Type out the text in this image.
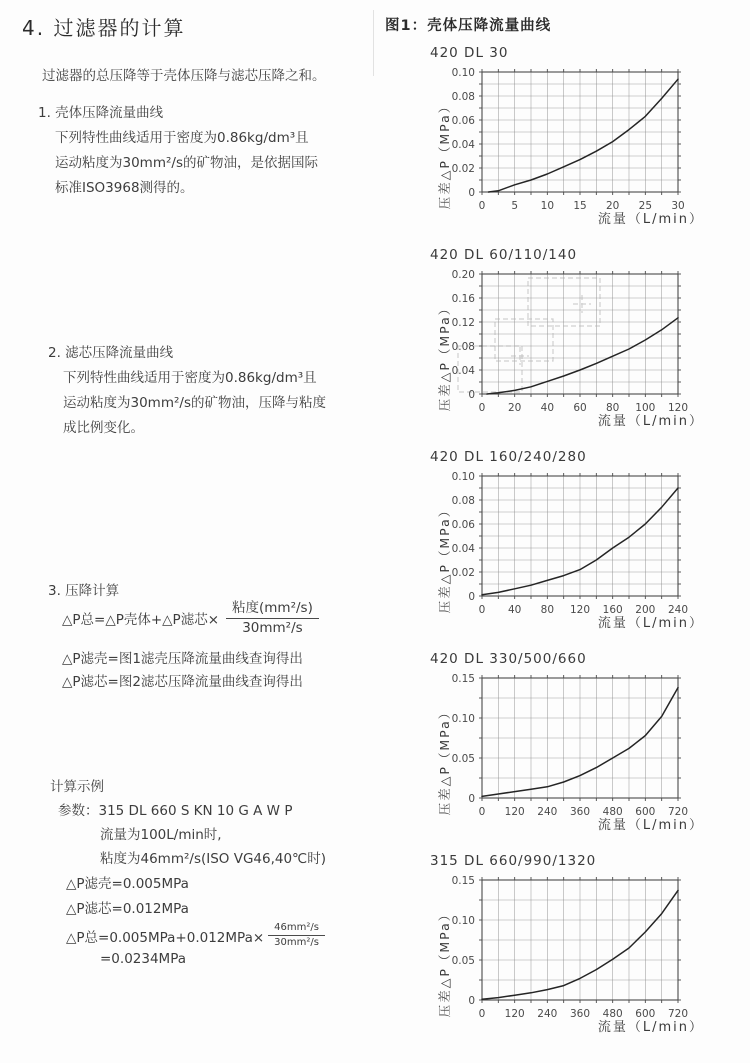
4. 过滤器的计算
过滤器的总压降等于壳体压降与滤芯压降之和。
1. 壳体压降流量曲线
下列特性曲线适用于密度为0.86kg/dm³且
运动粘度为30mm²/s的矿物油，是依据国际
标准ISO3968测得的。
2. 滤芯压降流量曲线
下列特性曲线适用于密度为0.86kg/dm³且
运动粘度为30mm²/s的矿物油，压降与粘度
成比例变化。
3. 压降计算
△P总=△P壳体+△P滤芯× $\frac{\text{粘度(mm²/s)}}{\text{30mm²/s}}$
△P滤壳=图1滤壳压降流量曲线查询得出
△P滤芯=图2滤芯压降流量曲线查询得出
计算示例
参数：315 DL 660 S KN 10 G A W P
流量为100L/min时,
粘度为46mm²/s(ISO VG46,40℃时)
△P滤壳=0.005MPa
△P滤芯=0.012MPa
△P总$=0.005MPa+0.012MPa\times \frac{\text{46mm²/s}}{\text{30mm²/s}}$
=0.0234MPa
图1：壳体压降流量曲线
420 DL 30
压差△P（MPa）	0 5 10 15 20 25 30
0
0.02
0.04
0.06
0.08
0.10
流量（L/min）
420 DL 60/110/140
压差△P（MPa）	0 20 40 60 80 100 120
0
0.04
0.08
0.12
0.16
0.20
流量（L/min）
420 DL 160/240/280
压差△P（MPa）	0 40 80 120 160 200 240
0
0.02
0.04
0.06
0.08
0.10
流量（L/min）
420 DL 330/500/660
压差△P（MPa）	0 120 240 360 480 600 720
0
0.05
0.10
0.15
流量（L/min）
315 DL 660/990/1320
压差△P（MPa）	0 120 240 360 480 600 720
0
0.05
0.10
0.15
流量（L/min）
